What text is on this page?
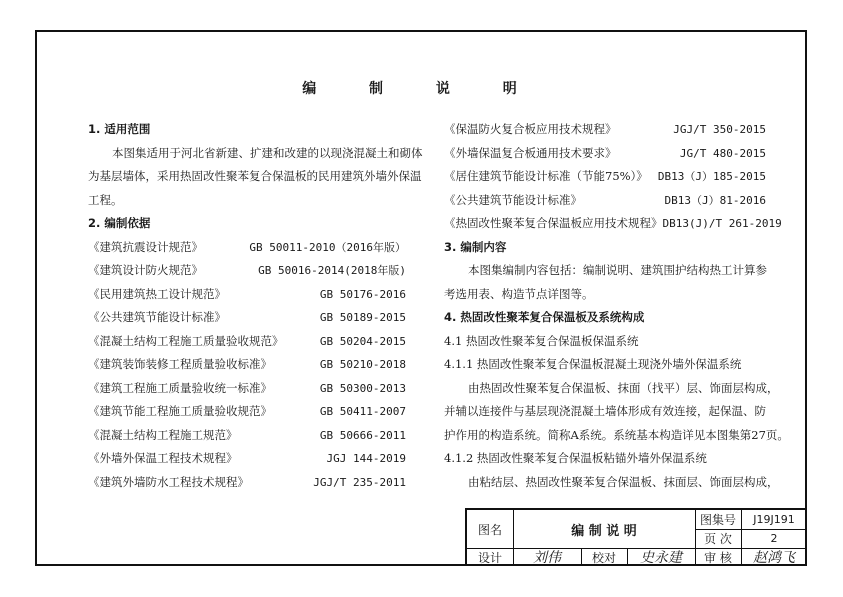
编 制 说 明
1. 适用范围
本图集适用于河北省新建、扩建和改建的以现浇混凝土和砌体
为基层墙体，采用热固改性聚苯复合保温板的民用建筑外墙外保温
工程。
2. 编制依据
《建筑抗震设计规范》	GB 50011-2010（2016年版）
《建筑设计防火规范》	GB 50016-2014(2018年版)
《民用建筑热工设计规范》	GB 50176-2016
《公共建筑节能设计标准》	GB 50189-2015
《混凝土结构工程施工质量验收规范》	GB 50204-2015
《建筑装饰装修工程质量验收标准》	GB 50210-2018
《建筑工程施工质量验收统一标准》	GB 50300-2013
《建筑节能工程施工质量验收规范》	GB 50411-2007
《混凝土结构工程施工规范》	GB 50666-2011
《外墙外保温工程技术规程》	JGJ 144-2019
《建筑外墙防水工程技术规程》	JGJ/T 235-2011
《保温防火复合板应用技术规程》	JGJ/T 350-2015
《外墙保温复合板通用技术要求》	JG/T 480-2015
《居住建筑节能设计标准（节能75%）》 DB13（J）185-2015
《公共建筑节能设计标准》	DB13（J）81-2016
《热固改性聚苯复合保温板应用技术规程》 DB13(J)/T 261-2019
3. 编制内容
本图集编制内容包括：编制说明、建筑围护结构热工计算参
考选用表、构造节点详图等。
4. 热固改性聚苯复合保温板及系统构成
4.1 热固改性聚苯复合保温板保温系统
4.1.1 热固改性聚苯复合保温板混凝土现浇外墙外保温系统
由热固改性聚苯复合保温板、抹面（找平）层、饰面层构成，
并辅以连接件与基层现浇混凝土墙体形成有效连接，起保温、防
护作用的构造系统。简称A系统。系统基本构造详见本图集第27页。
4.1.2 热固改性聚苯复合保温板粘锚外墙外保温系统
由粘结层、热固改性聚苯复合保温板、抹面层、饰面层构成，
图名	编 制 说 明
图集号	J19J191
页 次	2
设计	刘伟	校对	史永建	审 核	赵鸿飞
